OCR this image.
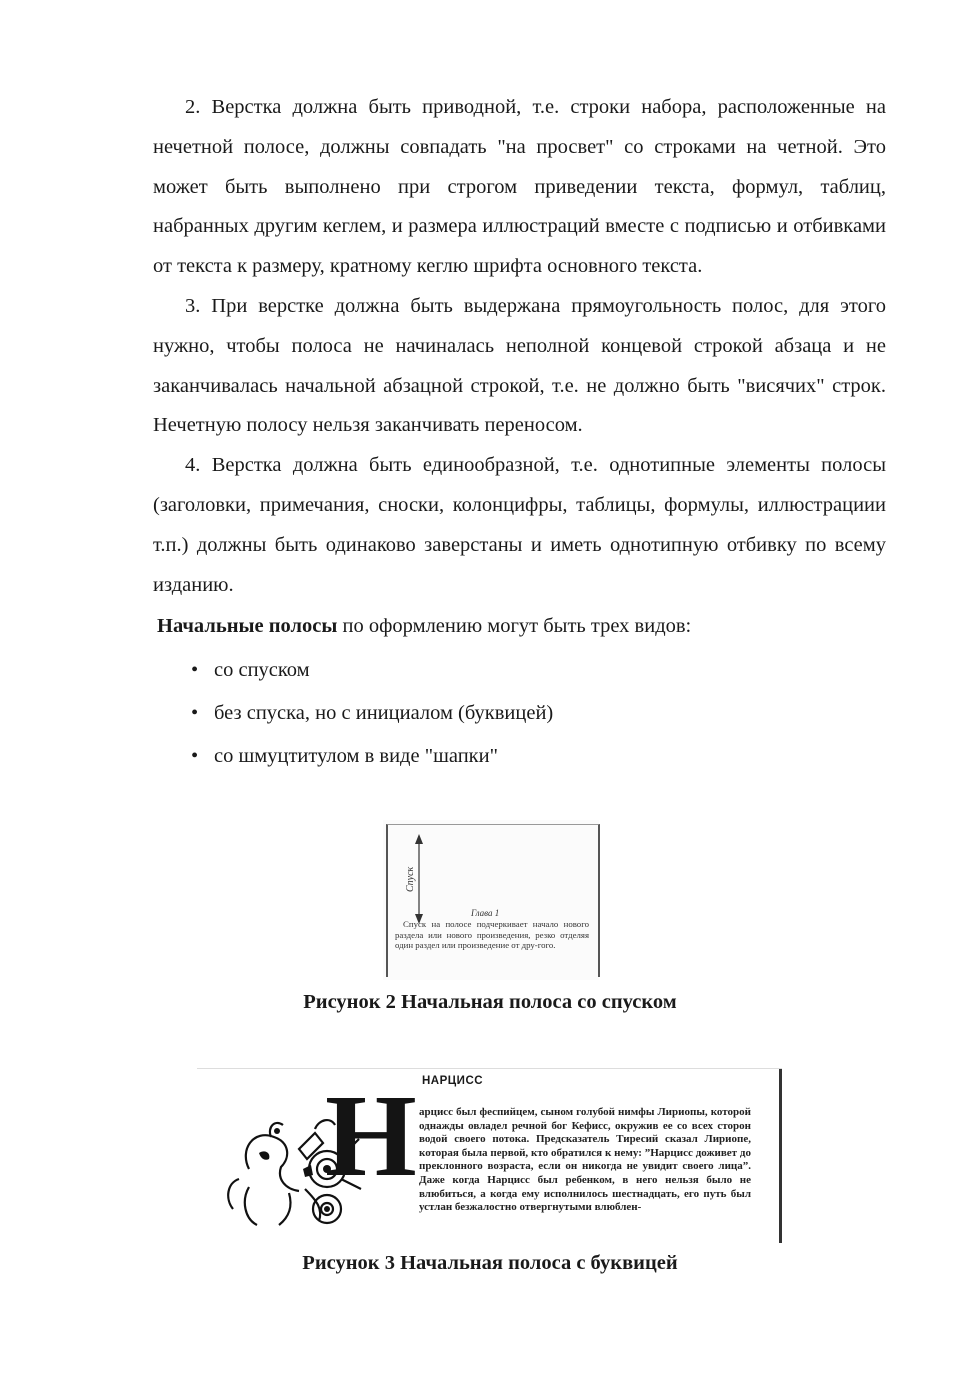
2. Верстка должна быть приводной, т.е. строки набора, расположенные на нечетной полосе, должны совпадать "на просвет" со строками на четной. Это может быть выполнено при строгом приведении текста, формул, таблиц, набранных другим кеглем, и размера иллюстраций вместе с подписью и отбивками от текста к размеру, кратному кеглю шрифта основного текста.

3. При верстке должна быть выдержана прямоугольность полос, для этого нужно, чтобы полоса не начиналась неполной концевой строкой абзаца и не заканчивалась начальной абзацной строкой, т.е. не должно быть "висячих" строк. Нечетную полосу нельзя заканчивать переносом.

4. Верстка должна быть единообразной, т.е. однотипные элементы полосы (заголовки, примечания, сноски, колонцифры, таблицы, формулы, иллюстрациии т.п.) должны быть одинаково заверстаны и иметь однотипную отбивку по всему изданию.

Начальные полосы по оформлению могут быть трех видов:

• со спуском
• без спуска, но с инициалом (буквицей)
• со шмуцтитулом в виде "шапки"
Спуск
Глава 1
Спуск на полосе подчеркивает начало нового раздела или нового произведения, резко отделяя один раздел или произведение от дру-гого.
Рисунок 2 Начальная полоса со спуском
Н НАРЦИСС
арцисс был феспийцем, сыном голубой нимфы Лириопы, которой однажды овладел речной бог Кефисс, окружив ее со всех сторон водой своего потока. Предсказатель Тиресий сказал Лириопе, которая была первой, кто обратился к нему: ”Нарцисс доживет до преклонного возраста, если он никогда не увидит своего лица”. Даже когда Нарцисс был ребенком, в него нельзя было не влюбиться, а когда ему исполнилось шестнадцать, его путь был устлан безжалостно отвергнутыми влюблен-
Рисунок 3 Начальная полоса с буквицей
